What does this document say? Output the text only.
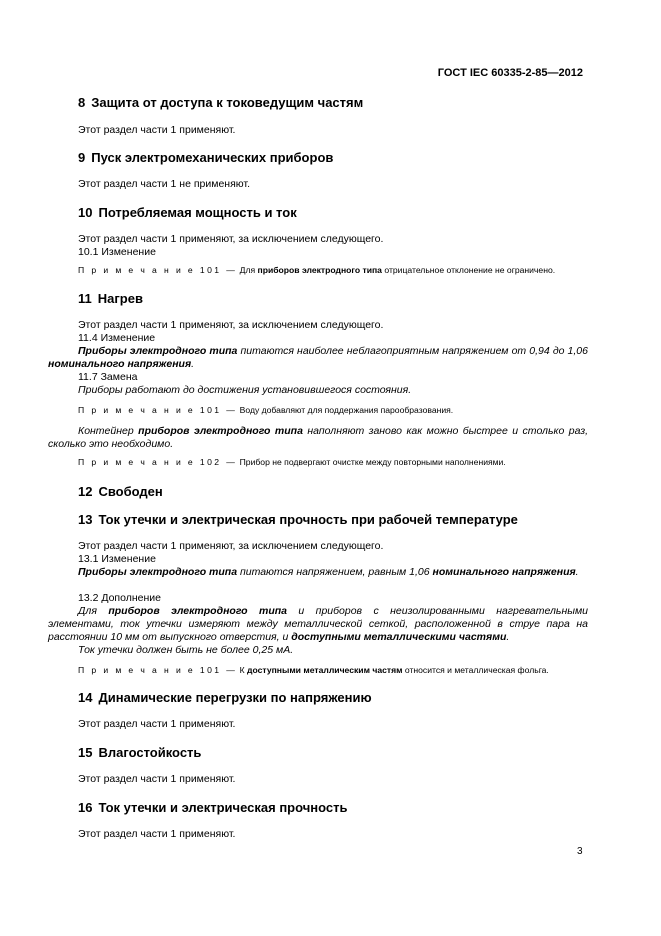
ГОСТ IEC 60335-2-85—2012
8 Защита от доступа к токоведущим частям
Этот раздел части 1 применяют.
9 Пуск электромеханических приборов
Этот раздел части 1 не применяют.
10 Потребляемая мощность и ток
Этот раздел части 1 применяют, за исключением следующего.
10.1 Изменение
П р и м е ч а н и е 101 — Для приборов электродного типа отрицательное отклонение не ограничено.
11 Нагрев
Этот раздел части 1 применяют, за исключением следующего.
11.4 Изменение
Приборы электродного типа питаются наиболее неблагоприятным напряжением от 0,94 до 1,06 номинального напряжения.
11.7 Замена
Приборы работают до достижения установившегося состояния.
П р и м е ч а н и е 101 — Воду добавляют для поддержания парообразования.
Контейнер приборов электродного типа наполняют заново как можно быстрее и столько раз, сколько это необходимо.
П р и м е ч а н и е 102 — Прибор не подвергают очистке между повторными наполнениями.
12 Свободен
13 Ток утечки и электрическая прочность при рабочей температуре
Этот раздел части 1 применяют, за исключением следующего.
13.1 Изменение
Приборы электродного типа питаются напряжением, равным 1,06 номинального напряжения.
13.2 Дополнение
Для приборов электродного типа и приборов с неизолированными нагревательными элементами, ток утечки измеряют между металлической сеткой, расположенной в струе пара на расстоянии 10 мм от выпускного отверстия, и доступными металлическими частями.
Ток утечки должен быть не более 0,25 мА.
П р и м е ч а н и е 101 — К доступными металлическим частям относится и металлическая фольга.
14 Динамические перегрузки по напряжению
Этот раздел части 1 применяют.
15 Влагостойкость
Этот раздел части 1 применяют.
16 Ток утечки и электрическая прочность
Этот раздел части 1 применяют.
3
